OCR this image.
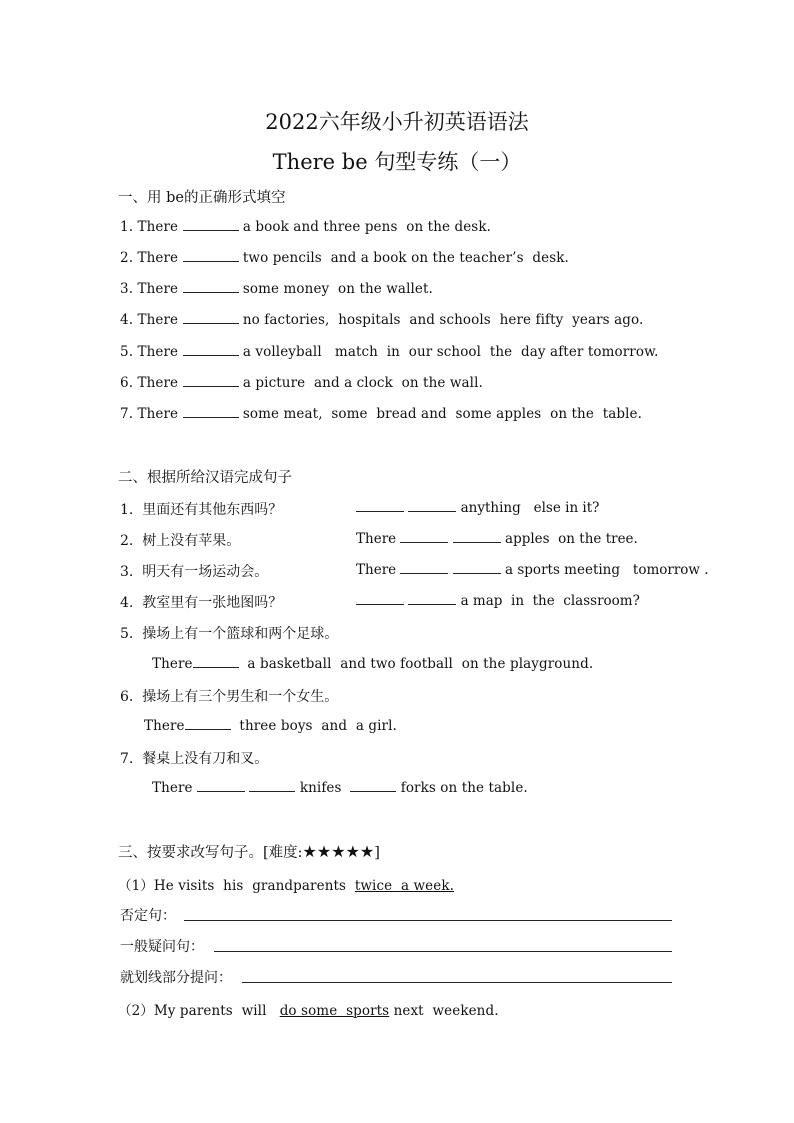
2022六年级小升初英语语法
There be 句型专练（一）
一、用 be的正确形式填空
1. There	a book and three pens  on the desk.
2. There	two pencils  and a book on the teacher’s  desk.
3. There	some money  on the wallet.
4. There	no factories,  hospitals  and schools  here fifty  years ago.
5. There	a volleyball   match  in  our school  the  day after tomorrow.
6. There	a picture  and a clock  on the wall.
7. There	some meat,  some  bread and  some apples  on the  table.
二、根据所给汉语完成句子
1.  里面还有其他东西吗？	anything   else in it?
2.  树上没有苹果。	There	apples  on the tree.
3.  明天有一场运动会。	There	a sports meeting   tomorrow .
4.  教室里有一张地图吗？	a map  in  the  classroom?
5.  操场上有一个篮球和两个足球。
There	a basketball  and two football  on the playground.
6.  操场上有三个男生和一个女生。
There	three boys  and  a girl.
7.  餐桌上没有刀和叉。
There	knifes	forks on the table.
三、按要求改写句子。[难度:★★★★★]
（1）He visits  his  grandparents  twice  a week.
否定句：
一般疑问句：
就划线部分提问：
（2）My parents  will   do some  sports next  weekend.
